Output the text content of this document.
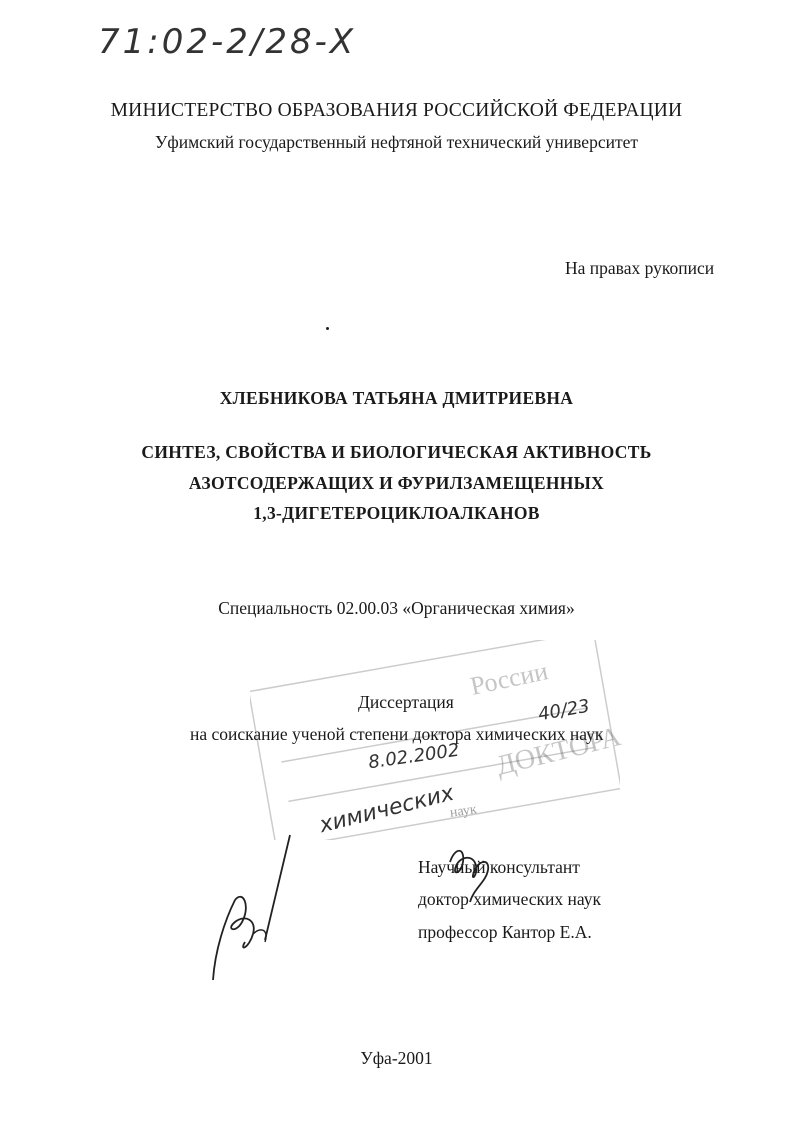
71:02-2/28-Х
МИНИСТЕРСТВО ОБРАЗОВАНИЯ РОССИЙСКОЙ ФЕДЕРАЦИИ
Уфимский государственный нефтяной технический университет
На правах рукописи
ХЛЕБНИКОВА ТАТЬЯНА ДМИТРИЕВНА
СИНТЕЗ, СВОЙСТВА И БИОЛОГИЧЕСКАЯ АКТИВНОСТЬ
АЗОТСОДЕРЖАЩИХ И ФУРИЛЗАМЕЩЕННЫХ
1,3-ДИГЕТЕРОЦИКЛОАЛКАНОВ
Специальность 02.00.03 «Органическая химия»
России
ДОКТОРА
наук
Диссертация
на соискание ученой степени доктора химических наук
8.02.2002
40/23
химических
Научный консультант
доктор химических наук
профессор Кантор Е.А.
Уфа-2001
